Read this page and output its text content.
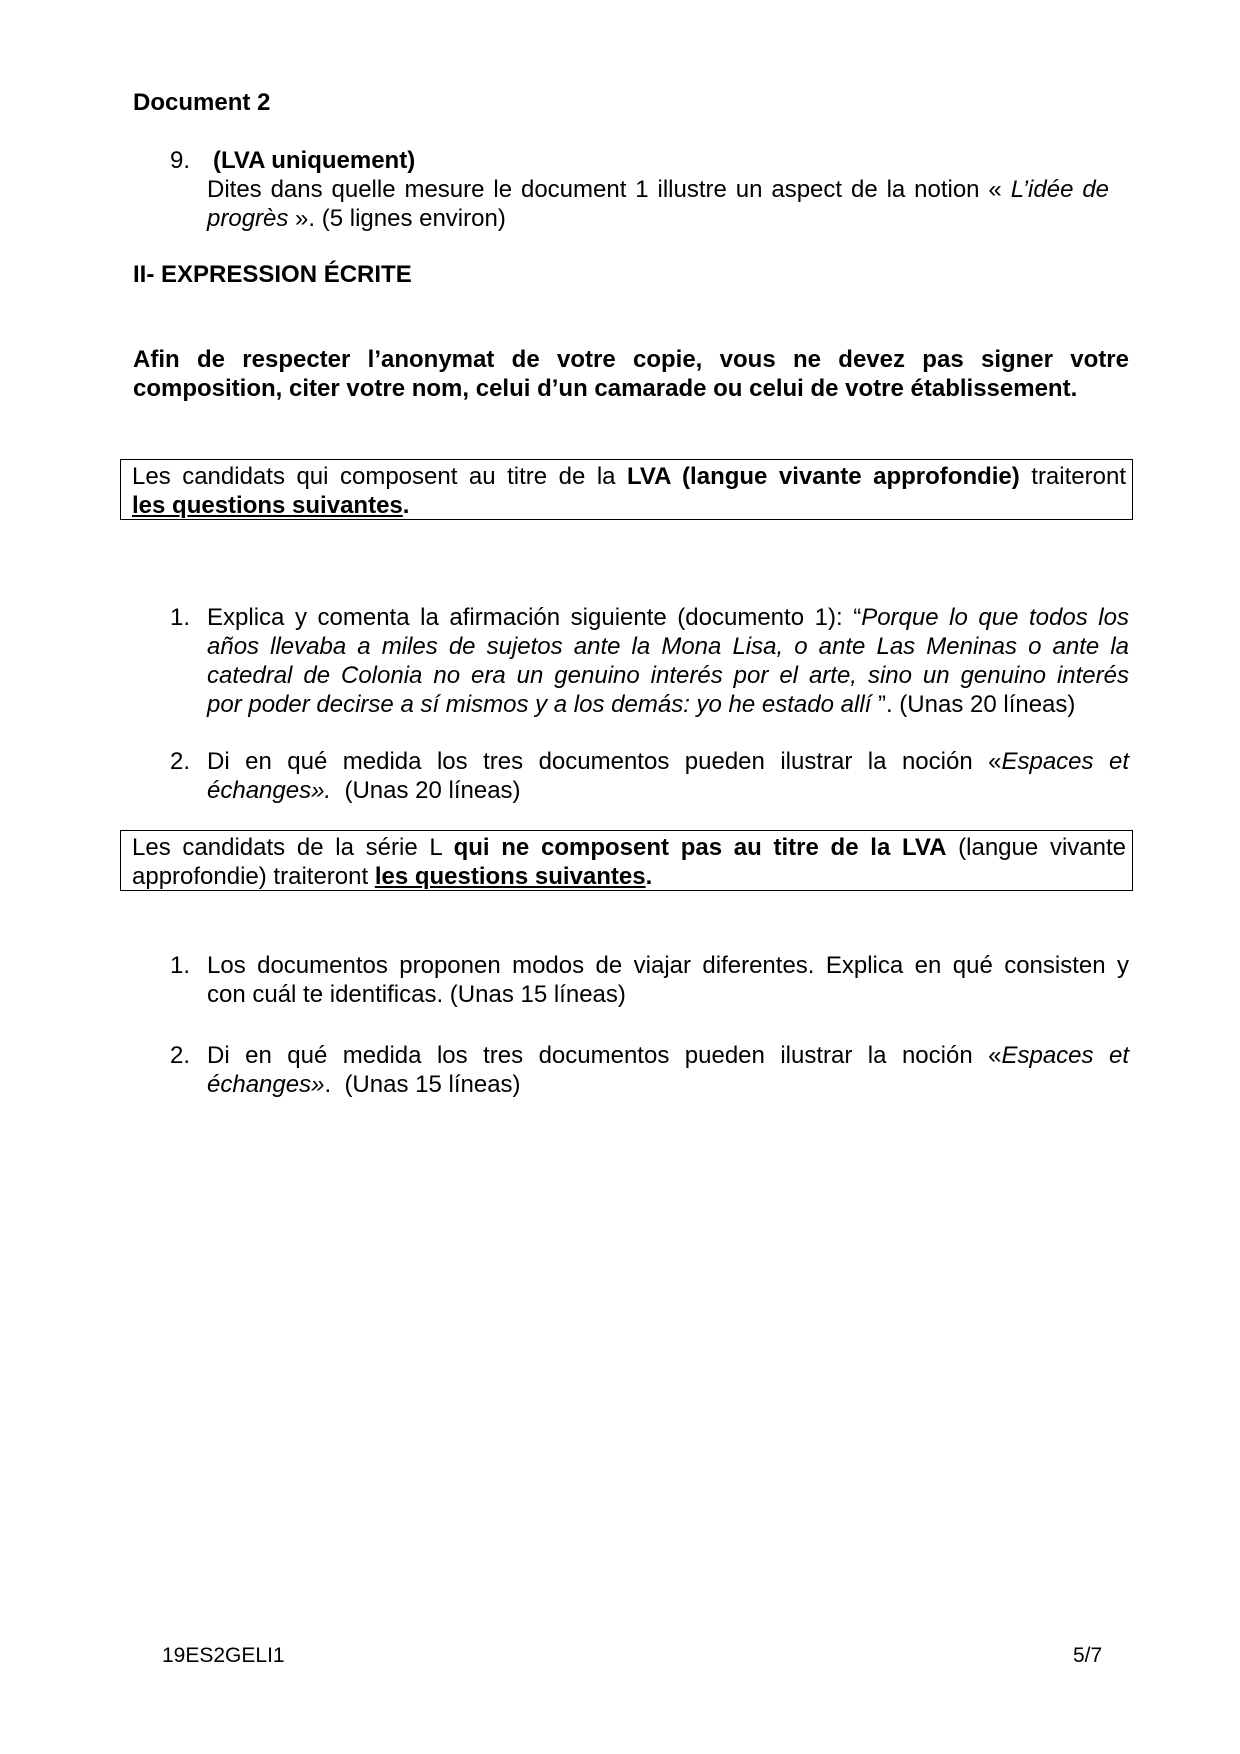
Document 2
9. (LVA uniquement)
Dites dans quelle mesure le document 1 illustre un aspect de la notion « L’idée de
progrès ». (5 lignes environ)
II- EXPRESSION ÉCRITE
Afin de respecter l’anonymat de votre copie, vous ne devez pas signer votre
composition, citer votre nom, celui d’un camarade ou celui de votre établissement.
Les candidats qui composent au titre de la LVA (langue vivante approfondie) traiteront
les questions suivantes.
1. Explica y comenta la afirmación siguiente (documento 1): “Porque lo que todos los
años llevaba a miles de sujetos ante la Mona Lisa, o ante Las Meninas o ante la
catedral de Colonia no era un genuino interés por el arte, sino un genuino interés
por poder decirse a sí mismos y a los demás: yo he estado allí ”. (Unas 20 líneas)
2. Di en qué medida los tres documentos pueden ilustrar la noción «Espaces et
échanges».  (Unas 20 líneas)
Les candidats de la série L qui ne composent pas au titre de la LVA (langue vivante
approfondie) traiteront les questions suivantes.
1. Los documentos proponen modos de viajar diferentes. Explica en qué consisten y
con cuál te identificas. (Unas 15 líneas)
2. Di en qué medida los tres documentos pueden ilustrar la noción «Espaces et
échanges».  (Unas 15 líneas)
19ES2GELI1	5/7
